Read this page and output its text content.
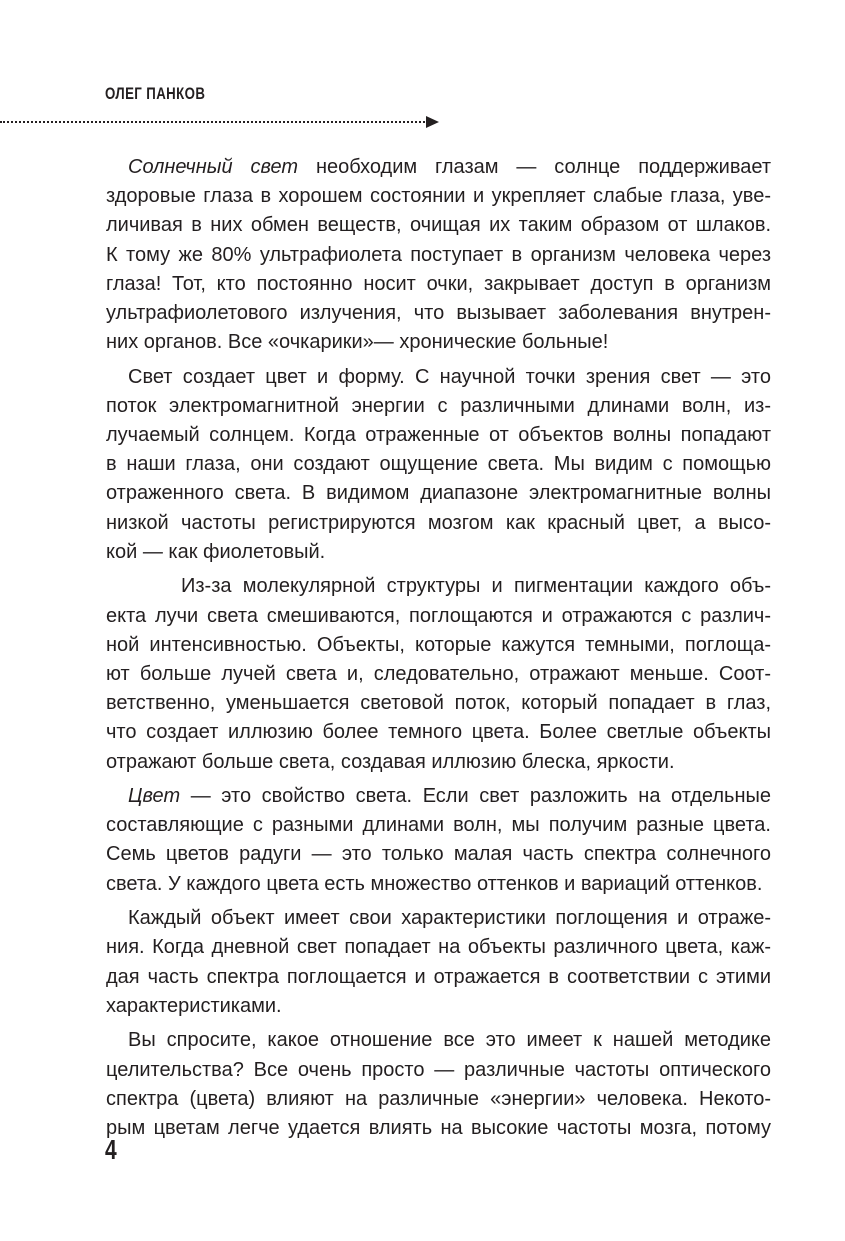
ОЛЕГ ПАНКОВ
Солнечный свет необходим глазам — солнце поддерживает
здоровые глаза в хорошем состоянии и укрепляет слабые глаза, уве-
личивая в них обмен веществ, очищая их таким образом от шлаков.
К тому же 80% ультрафиолета поступает в организм человека через
глаза! Тот, кто постоянно носит очки, закрывает доступ в организм
ультрафиолетового излучения, что вызывает заболевания внутрен-
них органов. Все «очкарики»— хронические больные!
Свет создает цвет и форму. С научной точки зрения свет — это
поток электромагнитной энергии с различными длинами волн, из-
лучаемый солнцем. Когда отраженные от объектов волны попадают
в наши глаза, они создают ощущение света. Мы видим с помощью
отраженного света. В видимом диапазоне электромагнитные волны
низкой частоты регистрируются мозгом как красный цвет, а высо-
кой — как фиолетовый.
Из-за молекулярной структуры и пигментации каждого объ-
екта лучи света смешиваются, поглощаются и отражаются с различ-
ной интенсивностью. Объекты, которые кажутся темными, поглоща-
ют больше лучей света и, следовательно, отражают меньше. Соот-
ветственно, уменьшается световой поток, который попадает в глаз,
что создает иллюзию более темного цвета. Более светлые объекты
отражают больше света, создавая иллюзию блеска, яркости.
Цвет — это свойство света. Если свет разложить на отдельные
составляющие с разными длинами волн, мы получим разные цвета.
Семь цветов радуги — это только малая часть спектра солнечного
света. У каждого цвета есть множество оттенков и вариаций оттенков.
Каждый объект имеет свои характеристики поглощения и отраже-
ния. Когда дневной свет попадает на объекты различного цвета, каж-
дая часть спектра поглощается и отражается в соответствии с этими
характеристиками.
Вы спросите, какое отношение все это имеет к нашей методике
целительства? Все очень просто — различные частоты оптического
спектра (цвета) влияют на различные «энергии» человека. Некото-
рым цветам легче удается влиять на высокие частоты мозга, потому
4
